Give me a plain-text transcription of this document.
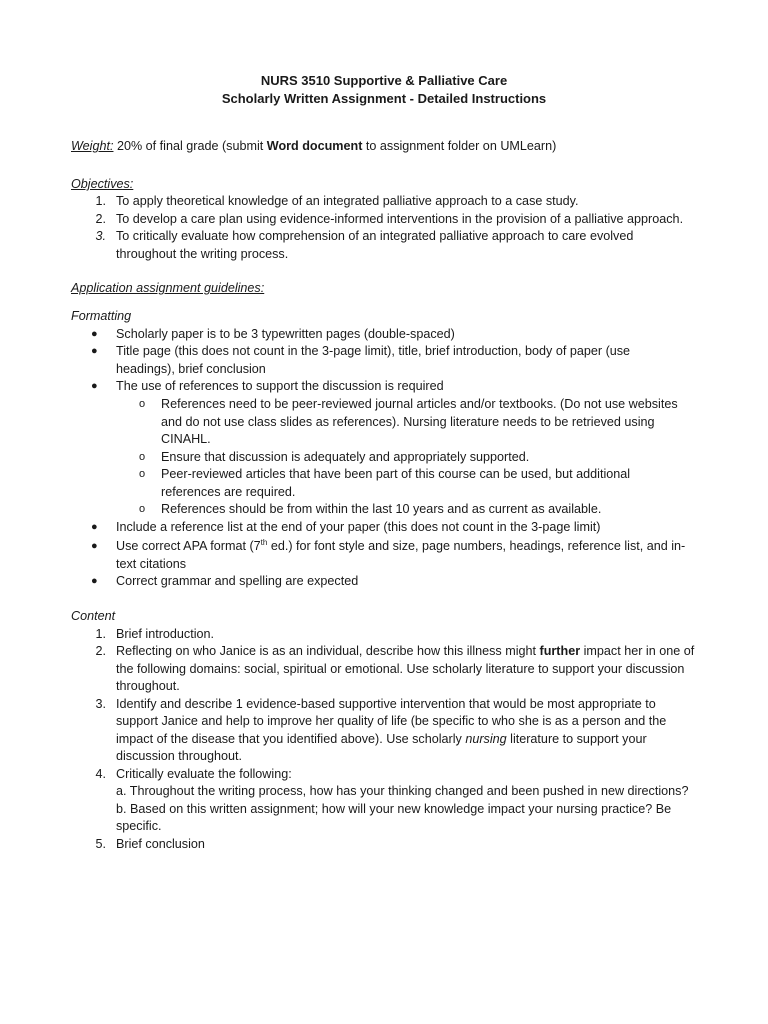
NURS 3510 Supportive & Palliative Care
Scholarly Written Assignment - Detailed Instructions
Weight: 20% of final grade (submit Word document to assignment folder on UMLearn)
Objectives:
1. To apply theoretical knowledge of an integrated palliative approach to a case study.
2. To develop a care plan using evidence-informed interventions in the provision of a palliative approach.
3. To critically evaluate how comprehension of an integrated palliative approach to care evolved
throughout the writing process.
Application assignment guidelines:
Formatting
● Scholarly paper is to be 3 typewritten pages (double-spaced)
● Title page (this does not count in the 3-page limit), title, brief introduction, body of paper (use
headings), brief conclusion
● The use of references to support the discussion is required
o References need to be peer-reviewed journal articles and/or textbooks. (Do not use websites
and do not use class slides as references). Nursing literature needs to be retrieved using
CINAHL.
o Ensure that discussion is adequately and appropriately supported.
o Peer-reviewed articles that have been part of this course can be used, but additional
references are required.
o References should be from within the last 10 years and as current as available.
● Include a reference list at the end of your paper (this does not count in the 3-page limit)
● Use correct APA format (7th ed.) for font style and size, page numbers, headings, reference list, and in-
text citations
● Correct grammar and spelling are expected
Content
1. Brief introduction.
2. Reflecting on who Janice is as an individual, describe how this illness might further impact her in one of
the following domains: social, spiritual or emotional. Use scholarly literature to support your discussion
throughout.
3. Identify and describe 1 evidence-based supportive intervention that would be most appropriate to
support Janice and help to improve her quality of life (be specific to who she is as a person and the
impact of the disease that you identified above). Use scholarly nursing literature to support your
discussion throughout.
4. Critically evaluate the following:
a. Throughout the writing process, how has your thinking changed and been pushed in new directions?
b. Based on this written assignment; how will your new knowledge impact your nursing practice? Be
specific.
5. Brief conclusion
